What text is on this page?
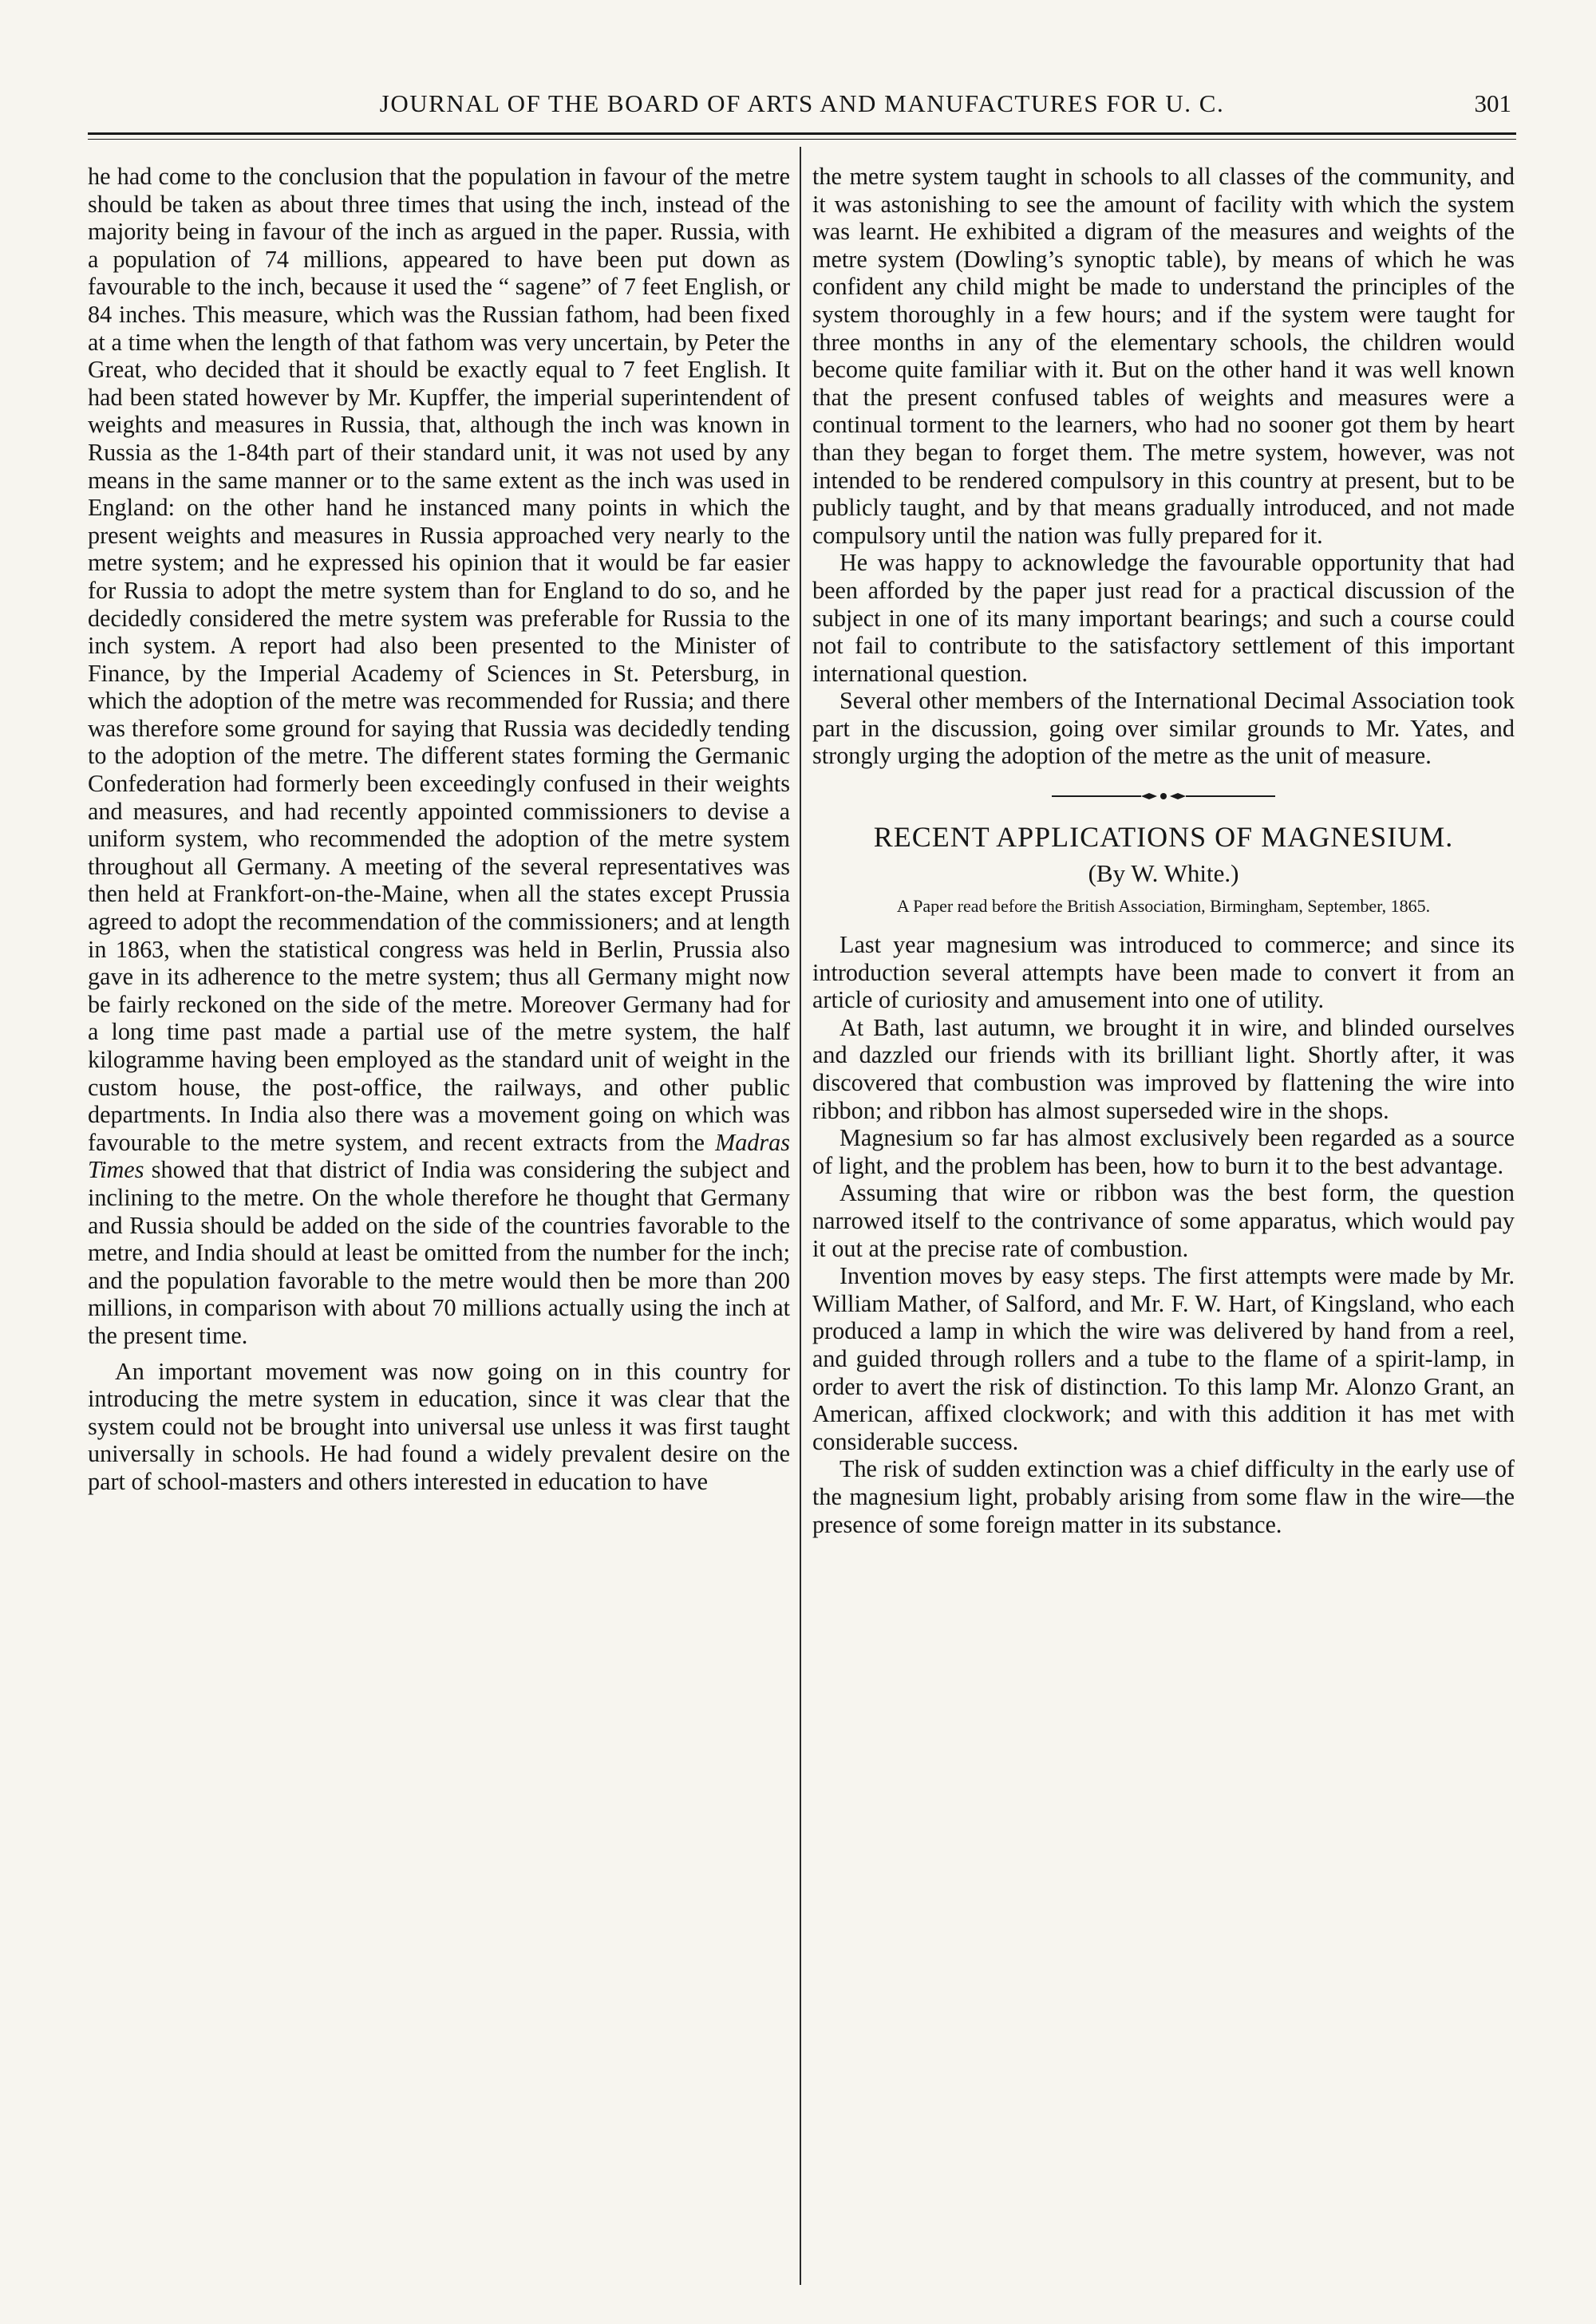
JOURNAL OF THE BOARD OF ARTS AND MANUFACTURES FOR U. C.	301

he had come to the conclusion that the population in favour of the metre should be taken as about three times that using the inch, instead of the majority being in favour of the inch as argued in the paper. Russia, with a population of 74 millions, appeared to have been put down as favourable to the inch, because it used the “ sagene” of 7 feet English, or 84 inches. This measure, which was the Russian fathom, had been fixed at a time when the length of that fathom was very uncertain, by Peter the Great, who decided that it should be exactly equal to 7 feet English. It had been stated however by Mr. Kupffer, the imperial superintendent of weights and measures in Russia, that, although the inch was known in Russia as the 1-84th part of their standard unit, it was not used by any means in the same manner or to the same extent as the inch was used in England: on the other hand he instanced many points in which the present weights and measures in Russia approached very nearly to the metre system; and he expressed his opinion that it would be far easier for Russia to adopt the metre system than for England to do so, and he decidedly considered the metre system was preferable for Russia to the inch system. A report had also been presented to the Minister of Finance, by the Imperial Academy of Sciences in St. Petersburg, in which the adoption of the metre was recommended for Russia; and there was therefore some ground for saying that Russia was decidedly tending to the adoption of the metre. The different states forming the Germanic Confederation had formerly been exceedingly confused in their weights and measures, and had recently appointed commissioners to devise a uniform system, who recommended the adoption of the metre system throughout all Germany. A meeting of the several representatives was then held at Frankfort-on-the-Maine, when all the states except Prussia agreed to adopt the recommendation of the commissioners; and at length in 1863, when the statistical congress was held in Berlin, Prussia also gave in its adherence to the metre system; thus all Germany might now be fairly reckoned on the side of the metre. Moreover Germany had for a long time past made a partial use of the metre system, the half kilogramme having been employed as the standard unit of weight in the custom house, the post-office, the railways, and other public departments. In India also there was a movement going on which was favourable to the metre system, and recent extracts from the Madras Times showed that that district of India was considering the subject and inclining to the metre. On the whole therefore he thought that Germany and Russia should be added on the side of the countries favorable to the metre, and India should at least be omitted from the number for the inch; and the population favorable to the metre would then be more than 200 millions, in comparison with about 70 millions actually using the inch at the present time.

An important movement was now going on in this country for introducing the metre system in education, since it was clear that the system could not be brought into universal use unless it was first taught universally in schools. He had found a widely prevalent desire on the part of school-masters and others interested in education to have

the metre system taught in schools to all classes of the community, and it was astonishing to see the amount of facility with which the system was learnt. He exhibited a digram of the measures and weights of the metre system (Dowling’s synoptic table), by means of which he was confident any child might be made to understand the principles of the system thoroughly in a few hours; and if the system were taught for three months in any of the elementary schools, the children would become quite familiar with it. But on the other hand it was well known that the present confused tables of weights and measures were a continual torment to the learners, who had no sooner got them by heart than they began to forget them. The metre system, however, was not intended to be rendered compulsory in this country at present, but to be publicly taught, and by that means gradually introduced, and not made compulsory until the nation was fully prepared for it.

He was happy to acknowledge the favourable opportunity that had been afforded by the paper just read for a practical discussion of the subject in one of its many important bearings; and such a course could not fail to contribute to the satisfactory settlement of this important international question.

Several other members of the International Decimal Association took part in the discussion, going over similar grounds to Mr. Yates, and strongly urging the adoption of the metre as the unit of measure.

RECENT APPLICATIONS OF MAGNESIUM.
(By W. White.)
A Paper read before the British Association, Birmingham, September, 1865.

Last year magnesium was introduced to commerce; and since its introduction several attempts have been made to convert it from an article of curiosity and amusement into one of utility.

At Bath, last autumn, we brought it in wire, and blinded ourselves and dazzled our friends with its brilliant light. Shortly after, it was discovered that combustion was improved by flattening the wire into ribbon; and ribbon has almost superseded wire in the shops.

Magnesium so far has almost exclusively been regarded as a source of light, and the problem has been, how to burn it to the best advantage.

Assuming that wire or ribbon was the best form, the question narrowed itself to the contrivance of some apparatus, which would pay it out at the precise rate of combustion.

Invention moves by easy steps. The first attempts were made by Mr. William Mather, of Salford, and Mr. F. W. Hart, of Kingsland, who each produced a lamp in which the wire was delivered by hand from a reel, and guided through rollers and a tube to the flame of a spirit-lamp, in order to avert the risk of distinction. To this lamp Mr. Alonzo Grant, an American, affixed clockwork; and with this addition it has met with considerable success.

The risk of sudden extinction was a chief difficulty in the early use of the magnesium light, probably arising from some flaw in the wire—the presence of some foreign matter in its substance.
